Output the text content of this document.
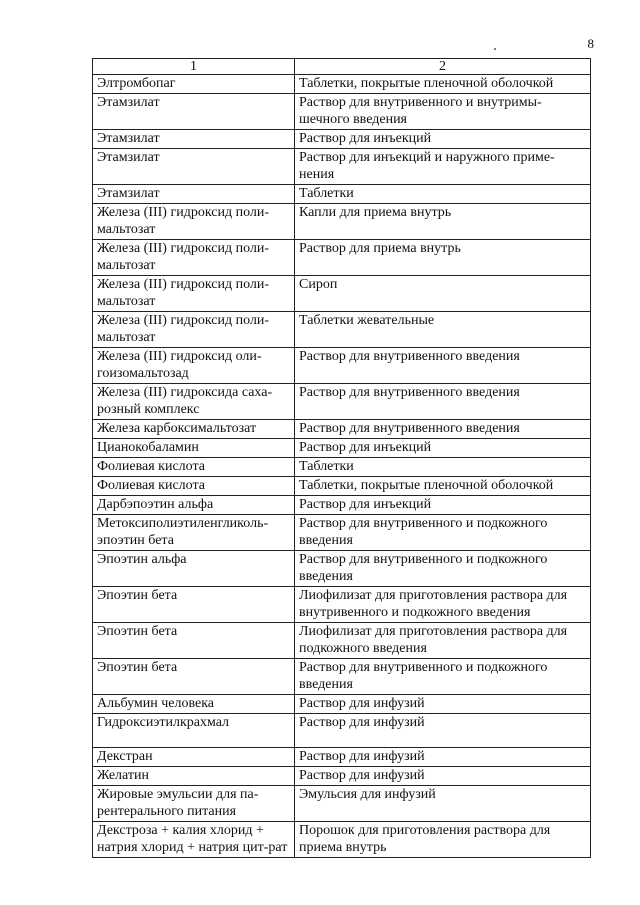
8
1	2
Элтромбопаг	Таблетки, покрытые пленочной оболочкой
Этамзилат	Раствор для внутривенного и внутримы-шечного введения
Этамзилат	Раствор для инъекций
Этамзилат	Раствор для инъекций и наружного приме-нения
Этамзилат	Таблетки
Железа (III) гидроксид поли-мальтозат	Капли для приема внутрь
Железа (III) гидроксид поли-мальтозат	Раствор для приема внутрь
Железа (III) гидроксид поли-мальтозат	Сироп
Железа (III) гидроксид поли-мальтозат	Таблетки жевательные
Железа (III) гидроксид оли-гоизомальтозад	Раствор для внутривенного введения
Железа (III) гидроксида саха-розный комплекс	Раствор для внутривенного введения
Железа карбоксимальтозат	Раствор для внутривенного введения
Цианокобаламин	Раствор для инъекций
Фолиевая кислота	Таблетки
Фолиевая кислота	Таблетки, покрытые пленочной оболочкой
Дарбэпоэтин альфа	Раствор для инъекций
Метоксиполиэтиленгликоль-эпоэтин бета	Раствор для внутривенного и подкожного введения
Эпоэтин альфа	Раствор для внутривенного и подкожного введения
Эпоэтин бета	Лиофилизат для приготовления раствора для внутривенного и подкожного введения
Эпоэтин бета	Лиофилизат для приготовления раствора для подкожного введения
Эпоэтин бета	Раствор для внутривенного и подкожного введения
Альбумин человека	Раствор для инфузий
Гидроксиэтилкрахмал	Раствор для инфузий
Декстран	Раствор для инфузий
Желатин	Раствор для инфузий
Жировые эмульсии для па-рентерального питания	Эмульсия для инфузий
Декстроза + калия хлорид + натрия хлорид + натрия цит-рат	Порошок для приготовления раствора для приема внутрь
